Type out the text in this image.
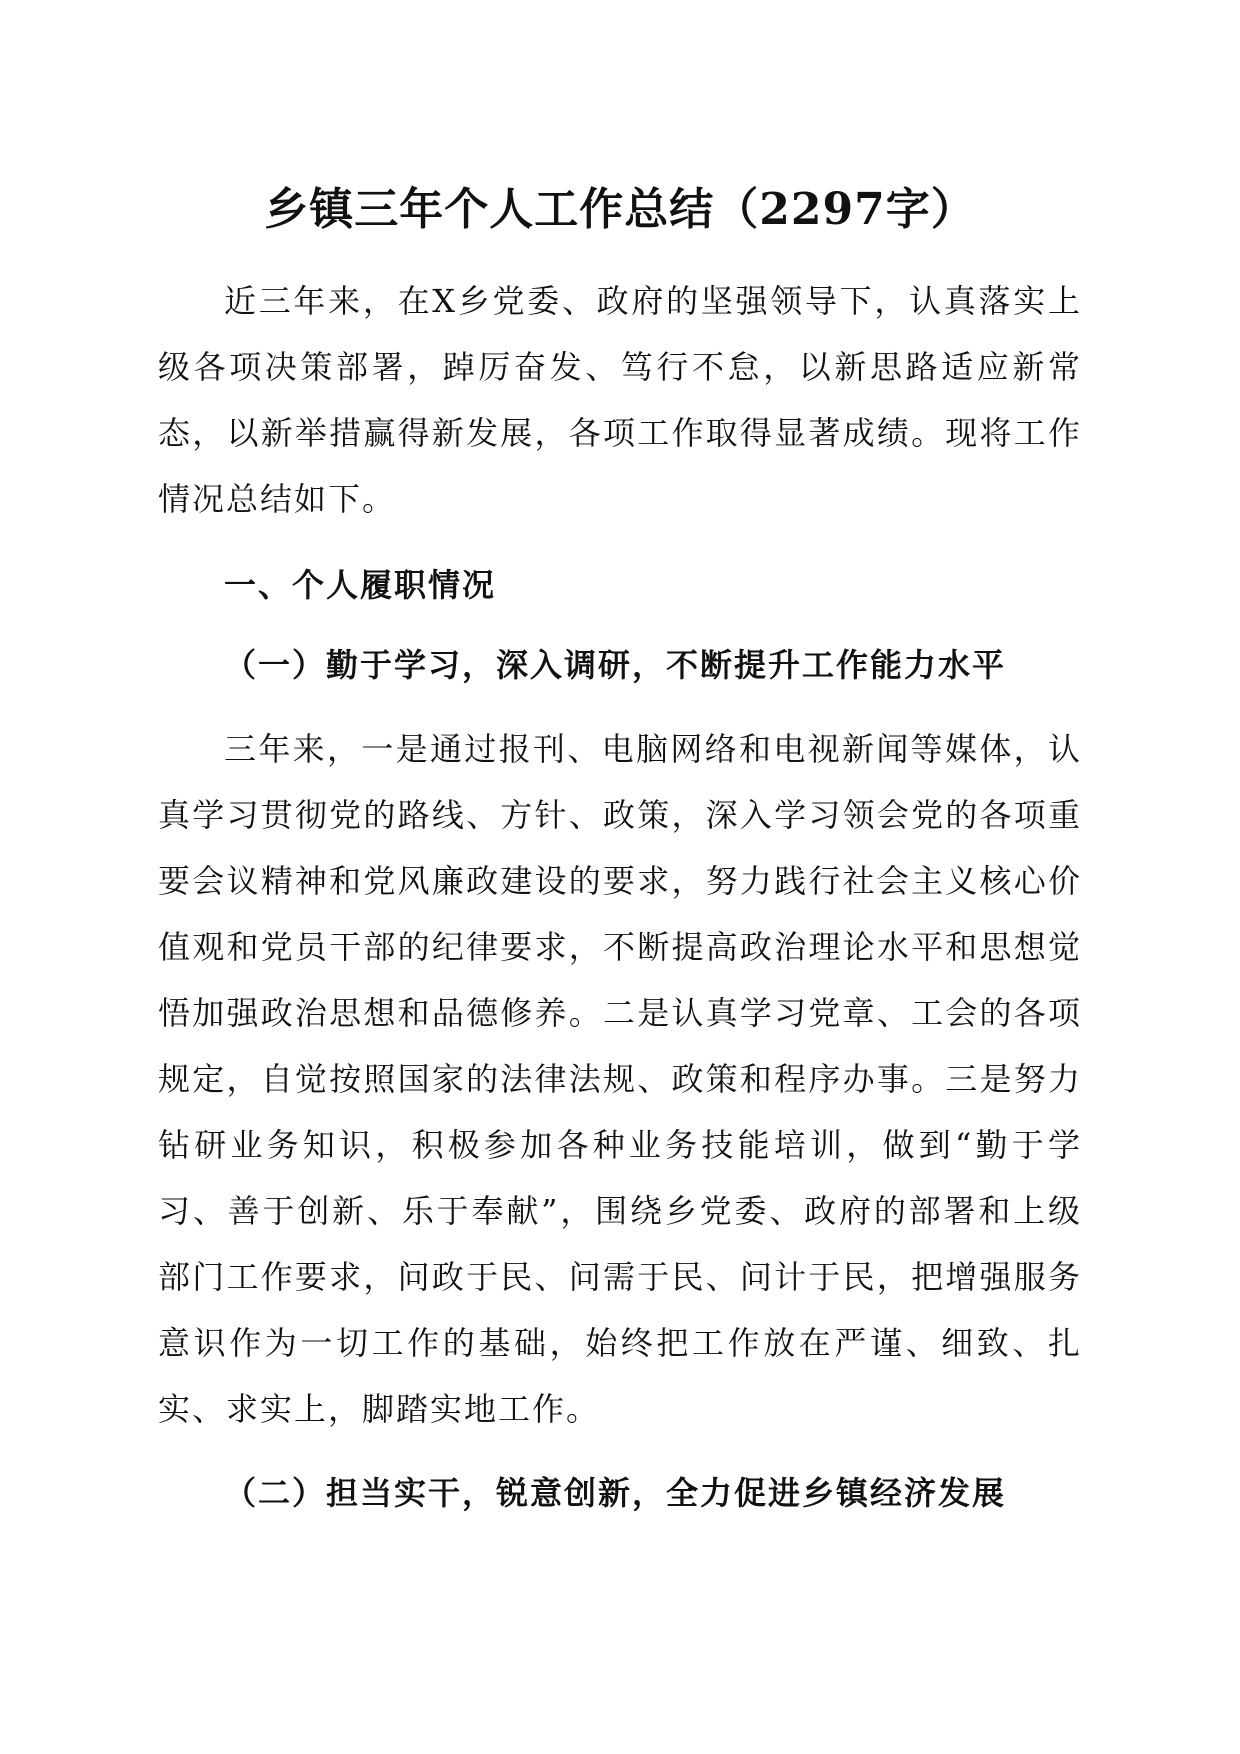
乡镇三年个人工作总结（2297字）

近三年来，在X乡党委、政府的坚强领导下，认真落实上级各项决策部署，踔厉奋发、笃行不怠，以新思路适应新常态，以新举措赢得新发展，各项工作取得显著成绩。现将工作情况总结如下。

一、个人履职情况
（一）勤于学习，深入调研，不断提升工作能力水平

三年来，一是通过报刊、电脑网络和电视新闻等媒体，认真学习贯彻党的路线、方针、政策，深入学习领会党的各项重要会议精神和党风廉政建设的要求，努力践行社会主义核心价值观和党员干部的纪律要求，不断提高政治理论水平和思想觉悟加强政治思想和品德修养。二是认真学习党章、工会的各项规定，自觉按照国家的法律法规、政策和程序办事。三是努力钻研业务知识，积极参加各种业务技能培训，做到“勤于学习、善于创新、乐于奉献”，围绕乡党委、政府的部署和上级部门工作要求，问政于民、问需于民、问计于民，把增强服务意识作为一切工作的基础，始终把工作放在严谨、细致、扎实、求实上，脚踏实地工作。

（二）担当实干，锐意创新，全力促进乡镇经济发展
